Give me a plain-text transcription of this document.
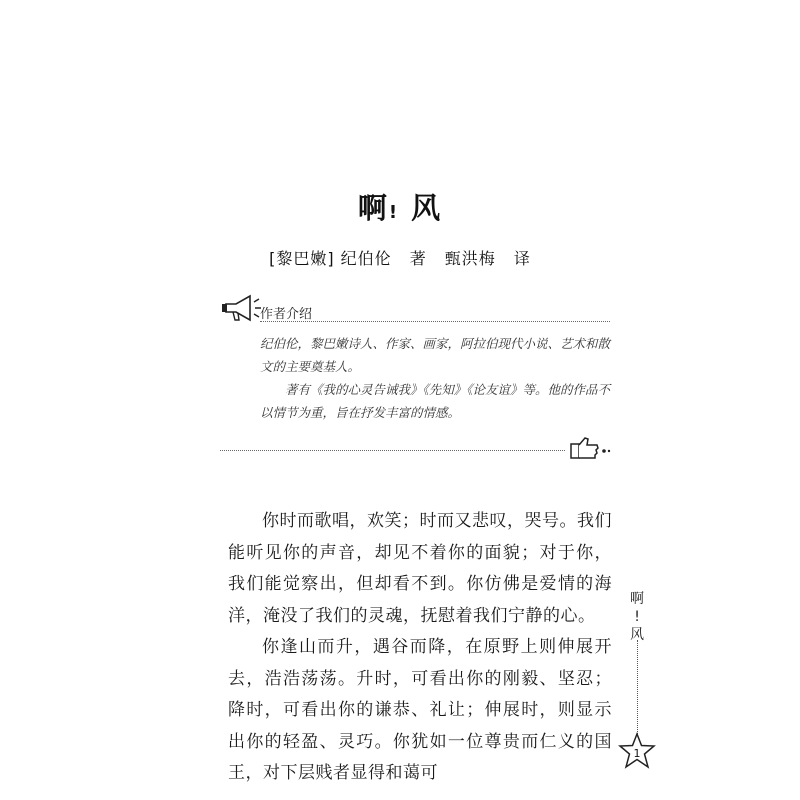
啊! 风
[黎巴嫩] 纪伯伦 著 甄洪梅 译
作者介绍

纪伯伦，黎巴嫩诗人、作家、画家，阿拉伯现代小说、艺术和散文的主要奠基人。

著有《我的心灵告诫我》《先知》《论友谊》等。他的作品不以情节为重，旨在抒发丰富的情感。

你时而歌唱，欢笑；时而又悲叹，哭号。我们能听见你的声音，却见不着你的面貌；对于你，我们能觉察出，但却看不到。你仿佛是爱情的海洋，淹没了我们的灵魂，抚慰着我们宁静的心。

你逢山而升，遇谷而降，在原野上则伸展开去，浩浩荡荡。升时，可看出你的刚毅、坚忍；降时，可看出你的谦恭、礼让；伸展时，则显示出你的轻盈、灵巧。你犹如一位尊贵而仁义的国王，对下层贱者显得和蔼可

啊
!
风
1
